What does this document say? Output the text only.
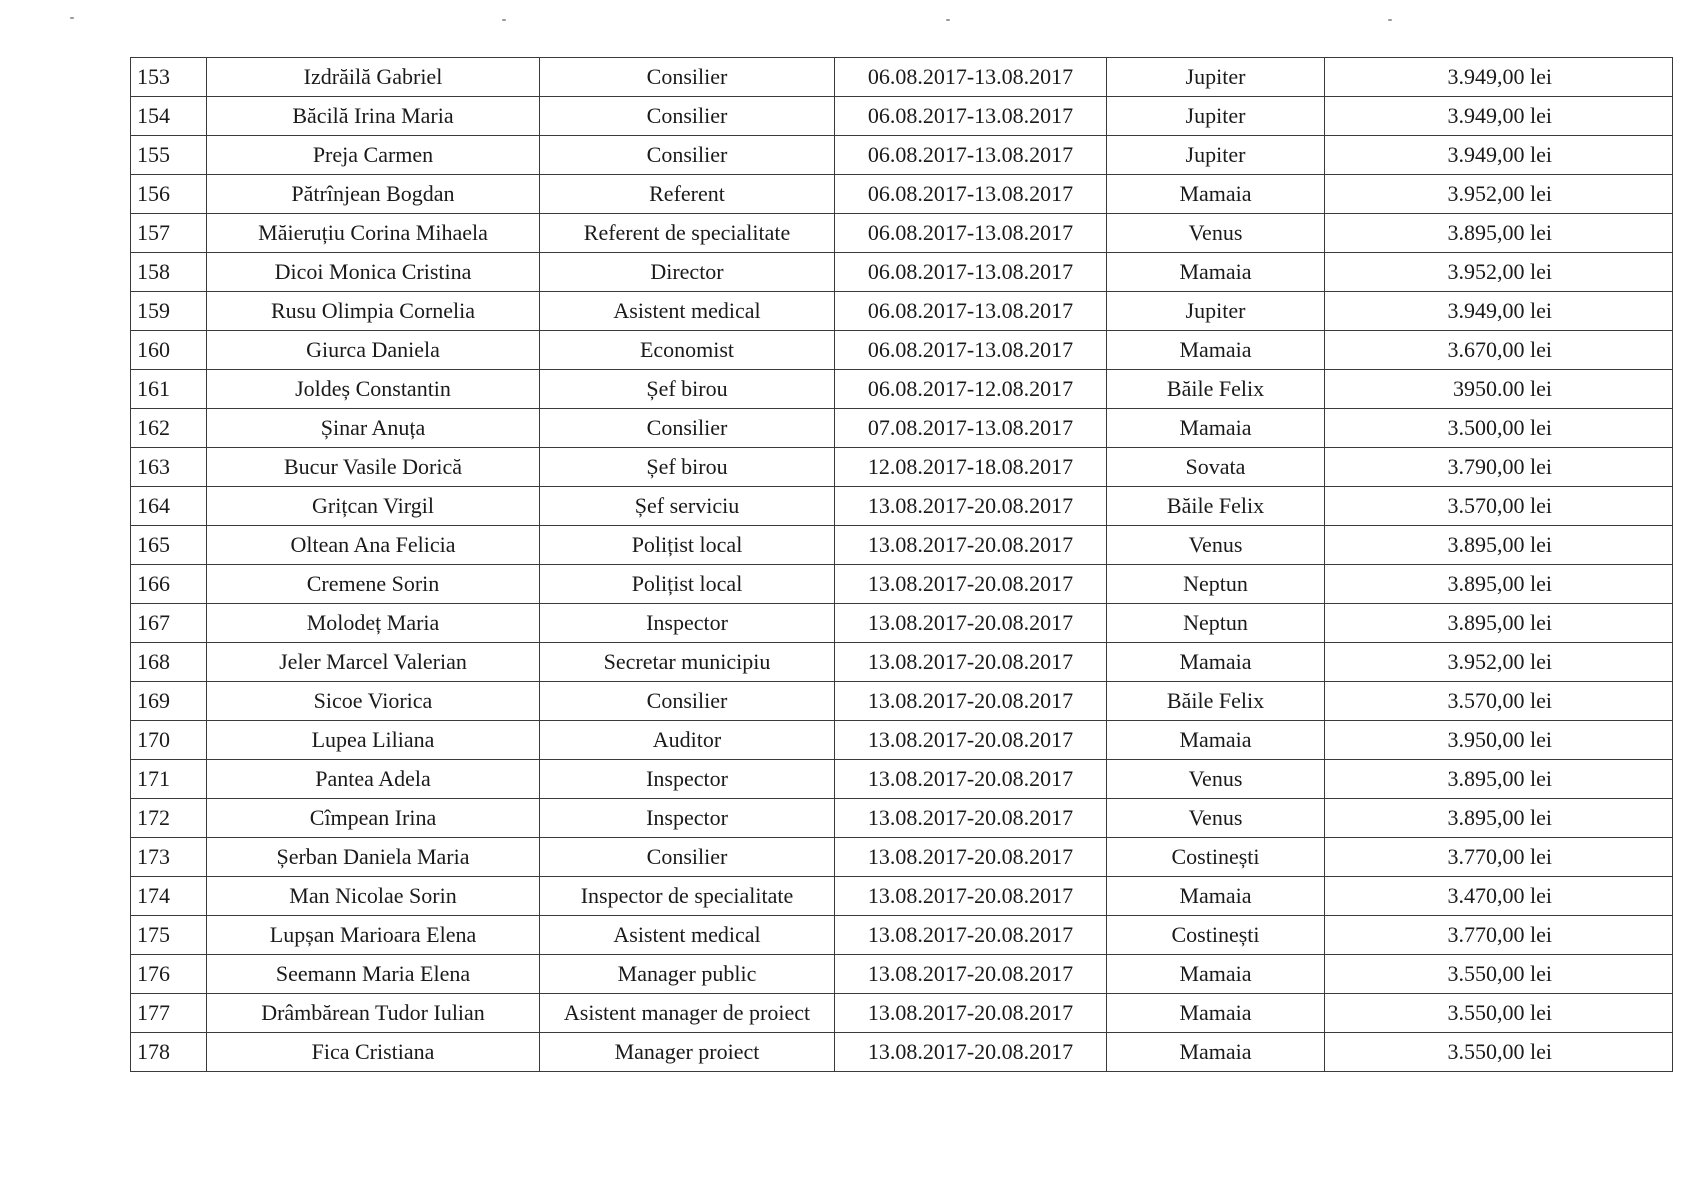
153	Izdrăilă Gabriel	Consilier	06.08.2017-13.08.2017	Jupiter	3.949,00 lei
154	Băcilă Irina Maria	Consilier	06.08.2017-13.08.2017	Jupiter	3.949,00 lei
155	Preja Carmen	Consilier	06.08.2017-13.08.2017	Jupiter	3.949,00 lei
156	Pătrînjean Bogdan	Referent	06.08.2017-13.08.2017	Mamaia	3.952,00 lei
157	Măieruțiu Corina Mihaela	Referent de specialitate	06.08.2017-13.08.2017	Venus	3.895,00 lei
158	Dicoi Monica Cristina	Director	06.08.2017-13.08.2017	Mamaia	3.952,00 lei
159	Rusu Olimpia Cornelia	Asistent medical	06.08.2017-13.08.2017	Jupiter	3.949,00 lei
160	Giurca Daniela	Economist	06.08.2017-13.08.2017	Mamaia	3.670,00 lei
161	Joldeș Constantin	Șef birou	06.08.2017-12.08.2017	Băile Felix	3950.00 lei
162	Șinar Anuța	Consilier	07.08.2017-13.08.2017	Mamaia	3.500,00 lei
163	Bucur Vasile Dorică	Șef birou	12.08.2017-18.08.2017	Sovata	3.790,00 lei
164	Grițcan Virgil	Șef serviciu	13.08.2017-20.08.2017	Băile Felix	3.570,00 lei
165	Oltean Ana Felicia	Polițist local	13.08.2017-20.08.2017	Venus	3.895,00 lei
166	Cremene Sorin	Polițist local	13.08.2017-20.08.2017	Neptun	3.895,00 lei
167	Molodeț Maria	Inspector	13.08.2017-20.08.2017	Neptun	3.895,00 lei
168	Jeler Marcel Valerian	Secretar municipiu	13.08.2017-20.08.2017	Mamaia	3.952,00 lei
169	Sicoe Viorica	Consilier	13.08.2017-20.08.2017	Băile Felix	3.570,00 lei
170	Lupea Liliana	Auditor	13.08.2017-20.08.2017	Mamaia	3.950,00 lei
171	Pantea Adela	Inspector	13.08.2017-20.08.2017	Venus	3.895,00 lei
172	Cîmpean Irina	Inspector	13.08.2017-20.08.2017	Venus	3.895,00 lei
173	Șerban Daniela Maria	Consilier	13.08.2017-20.08.2017	Costinești	3.770,00 lei
174	Man Nicolae Sorin	Inspector de specialitate	13.08.2017-20.08.2017	Mamaia	3.470,00 lei
175	Lupșan Marioara Elena	Asistent medical	13.08.2017-20.08.2017	Costinești	3.770,00 lei
176	Seemann Maria Elena	Manager public	13.08.2017-20.08.2017	Mamaia	3.550,00 lei
177	Drâmbărean Tudor Iulian	Asistent manager de proiect	13.08.2017-20.08.2017	Mamaia	3.550,00 lei
178	Fica Cristiana	Manager proiect	13.08.2017-20.08.2017	Mamaia	3.550,00 lei
